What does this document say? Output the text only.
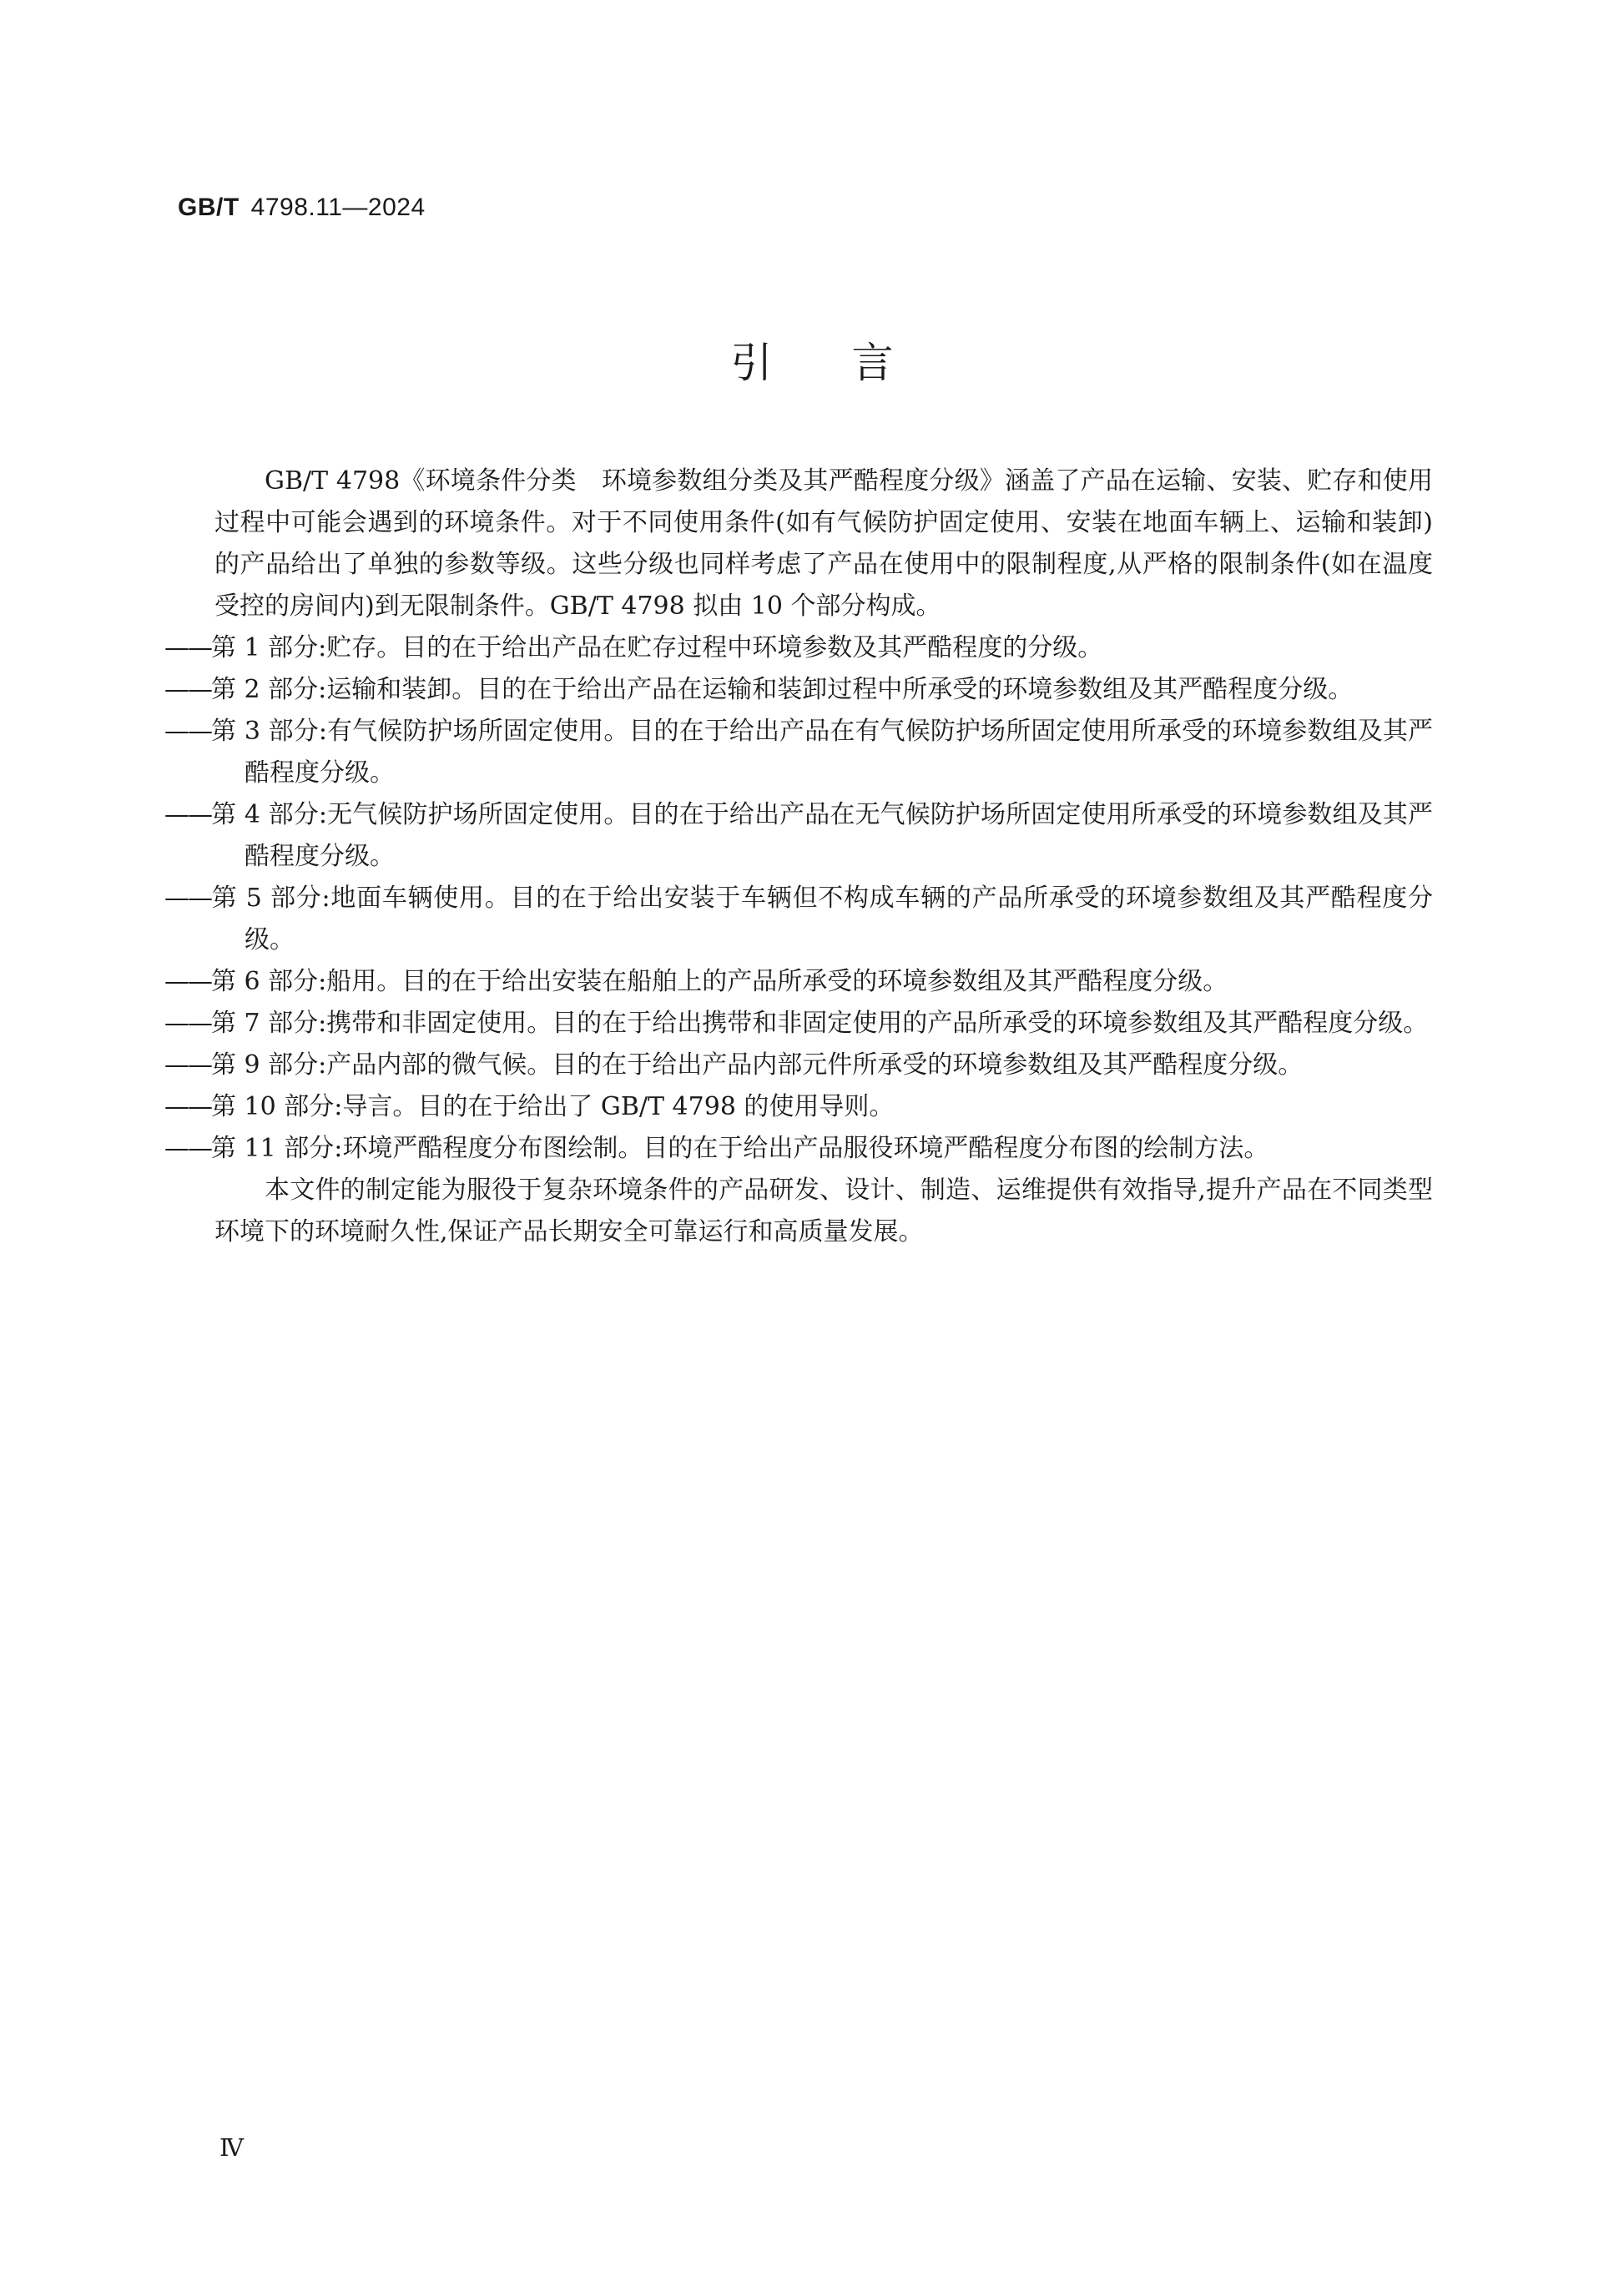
GB/T 4798.11—2024
引言

GB/T 4798《环境条件分类　环境参数组分类及其严酷程度分级》涵盖了产品在运输、安装、贮存和使用过程中可能会遇到的环境条件。对于不同使用条件(如有气候防护固定使用、安装在地面车辆上、运输和装卸)的产品给出了单独的参数等级。这些分级也同样考虑了产品在使用中的限制程度,从严格的限制条件(如在温度受控的房间内)到无限制条件。GB/T 4798 拟由 10 个部分构成。

——第 1 部分:贮存。目的在于给出产品在贮存过程中环境参数及其严酷程度的分级。

——第 2 部分:运输和装卸。目的在于给出产品在运输和装卸过程中所承受的环境参数组及其严酷程度分级。

——第 3 部分:有气候防护场所固定使用。目的在于给出产品在有气候防护场所固定使用所承受的环境参数组及其严酷程度分级。

——第 4 部分:无气候防护场所固定使用。目的在于给出产品在无气候防护场所固定使用所承受的环境参数组及其严酷程度分级。

——第 5 部分:地面车辆使用。目的在于给出安装于车辆但不构成车辆的产品所承受的环境参数组及其严酷程度分级。

——第 6 部分:船用。目的在于给出安装在船舶上的产品所承受的环境参数组及其严酷程度分级。

——第 7 部分:携带和非固定使用。目的在于给出携带和非固定使用的产品所承受的环境参数组及其严酷程度分级。

——第 9 部分:产品内部的微气候。目的在于给出产品内部元件所承受的环境参数组及其严酷程度分级。

——第 10 部分:导言。目的在于给出了 GB/T 4798 的使用导则。

——第 11 部分:环境严酷程度分布图绘制。目的在于给出产品服役环境严酷程度分布图的绘制方法。

本文件的制定能为服役于复杂环境条件的产品研发、设计、制造、运维提供有效指导,提升产品在不同类型环境下的环境耐久性,保证产品长期安全可靠运行和高质量发展。

Ⅳ
